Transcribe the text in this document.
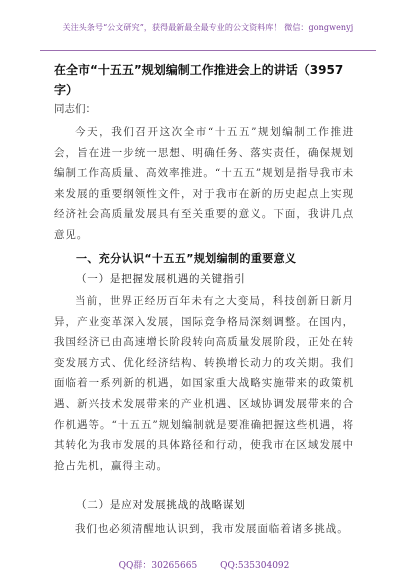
关注头条号“公文研究”，获得最新最全最专业的公文资料库！ 微信：gongwenyj
在全市“十五五”规划编制工作推进会上的讲话（3957字）
同志们：
今天，我们召开这次全市“十五五”规划编制工作推进会，旨在进一步统一思想、明确任务、落实责任，确保规划编制工作高质量、高效率推进。“十五五”规划是指导我市未来发展的重要纲领性文件，对于我市在新的历史起点上实现经济社会高质量发展具有至关重要的意义。下面，我讲几点意见。
一、充分认识“十五五”规划编制的重要意义
（一）是把握发展机遇的关键指引
当前，世界正经历百年未有之大变局，科技创新日新月异，产业变革深入发展，国际竞争格局深刻调整。在国内，我国经济已由高速增长阶段转向高质量发展阶段，正处在转变发展方式、优化经济结构、转换增长动力的攻关期。我们面临着一系列新的机遇，如国家重大战略实施带来的政策机遇、新兴技术发展带来的产业机遇、区域协调发展带来的合作机遇等。“十五五”规划编制就是要准确把握这些机遇，将其转化为我市发展的具体路径和行动，使我市在区域发展中抢占先机，赢得主动。
（二）是应对发展挑战的战略谋划
我们也必须清醒地认识到，我市发展面临着诸多挑战。
QQ群：30265665	QQ:535304092
